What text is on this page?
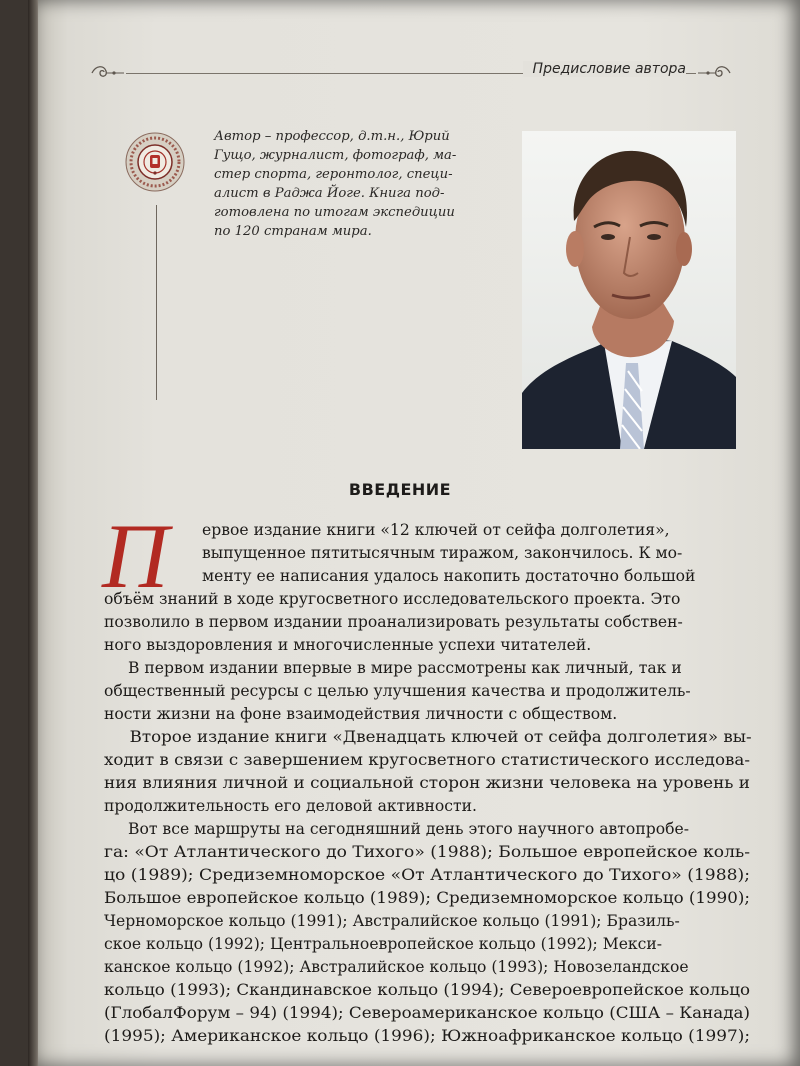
Предисловие автора
Автор – профессор, д.т.н., Юрий
Гущо, журналист, фотограф, ма-
стер спорта, геронтолог, специ-
алист в Раджа Йоге. Книга под-
готовлена по итогам экспедиции
по 120 странам мира.
ВВЕДЕНИЕ
П ервое издание книги «12 ключей от сейфа долголетия»,
выпущенное пятитысячным тиражом, закончилось. К мо-
менту ее написания удалось накопить достаточно большой
объём знаний в ходе кругосветного исследовательского проекта. Это
позволило в первом издании проанализировать результаты собствен-
ного выздоровления и многочисленные успехи читателей.
В первом издании впервые в мире рассмотрены как личный, так и
общественный ресурсы с целью улучшения качества и продолжитель-
ности жизни на фоне взаимодействия личности с обществом.
Второе издание книги «Двенадцать ключей от сейфа долголетия» вы-
ходит в связи с завершением кругосветного статистического исследова-
ния влияния личной и социальной сторон жизни человека на уровень и
продолжительность его деловой активности.
Вот все маршруты на сегодняшний день этого научного автопробе-
га: «От Атлантического до Тихого» (1988); Большое европейское коль-
цо (1989); Средиземноморское «От Атлантического до Тихого» (1988);
Большое европейское кольцо (1989); Средиземноморское кольцо (1990);
Черноморское кольцо (1991); Австралийское кольцо (1991); Бразиль-
ское кольцо (1992); Центральноевропейское кольцо (1992); Мекси-
канское кольцо (1992); Австралийское кольцо (1993); Новозеландское
кольцо (1993); Скандинавское кольцо (1994); Североевропейское кольцо
(ГлобалФорум – 94) (1994); Североамериканское кольцо (США – Канада)
(1995); Американское кольцо (1996); Южноафриканское кольцо (1997);
